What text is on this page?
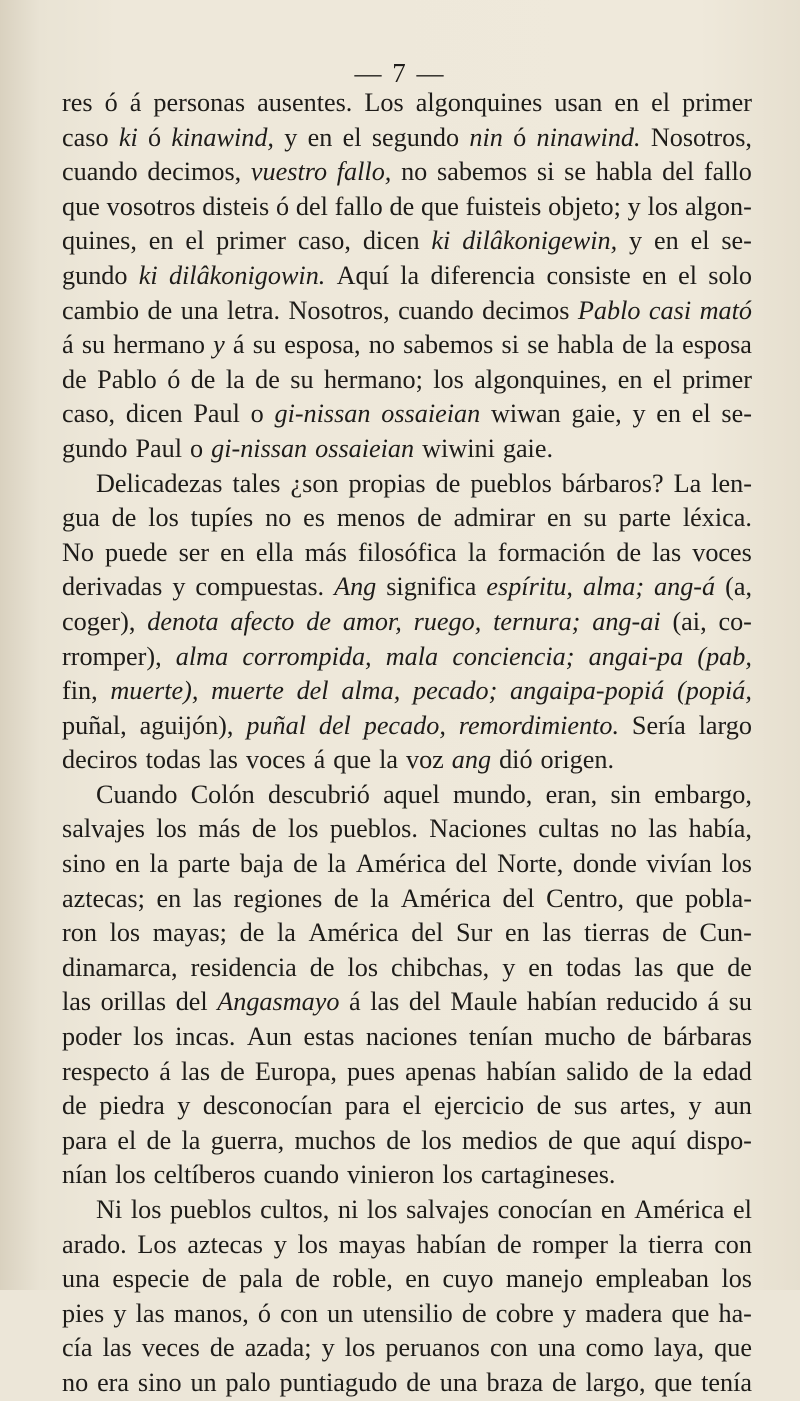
— 7 —
res ó á personas ausentes. Los algonquines usan en el primer
caso ki ó kinawind, y en el segundo nin ó ninawind. Nosotros,
cuando decimos, vuestro fallo, no sabemos si se habla del fallo
que vosotros disteis ó del fallo de que fuisteis objeto; y los algon-
quines, en el primer caso, dicen ki dilâkonigewin, y en el se-
gundo ki dilâkonigowin. Aquí la diferencia consiste en el solo
cambio de una letra. Nosotros, cuando decimos Pablo casi mató
á su hermano y á su esposa, no sabemos si se habla de la esposa
de Pablo ó de la de su hermano; los algonquines, en el primer
caso, dicen Paul o gi-nissan ossaieian wiwan gaie, y en el se-
gundo Paul o gi-nissan ossaieian wiwini gaie.
Delicadezas tales ¿son propias de pueblos bárbaros? La len-
gua de los tupíes no es menos de admirar en su parte léxica.
No puede ser en ella más filosófica la formación de las voces
derivadas y compuestas. Ang significa espíritu, alma; ang-á (a,
coger), denota afecto de amor, ruego, ternura; ang-ai (ai, co-
rromper), alma corrompida, mala conciencia; angai-pa (pab,
fin, muerte), muerte del alma, pecado; angaipa-popiá (popiá,
puñal, aguijón), puñal del pecado, remordimiento. Sería largo
deciros todas las voces á que la voz ang dió origen.
Cuando Colón descubrió aquel mundo, eran, sin embargo,
salvajes los más de los pueblos. Naciones cultas no las había,
sino en la parte baja de la América del Norte, donde vivían los
aztecas; en las regiones de la América del Centro, que pobla-
ron los mayas; de la América del Sur en las tierras de Cun-
dinamarca, residencia de los chibchas, y en todas las que de
las orillas del Angasmayo á las del Maule habían reducido á su
poder los incas. Aun estas naciones tenían mucho de bárbaras
respecto á las de Europa, pues apenas habían salido de la edad
de piedra y desconocían para el ejercicio de sus artes, y aun
para el de la guerra, muchos de los medios de que aquí dispo-
nían los celtíberos cuando vinieron los cartagineses.
Ni los pueblos cultos, ni los salvajes conocían en América el
arado. Los aztecas y los mayas habían de romper la tierra con
una especie de pala de roble, en cuyo manejo empleaban los
pies y las manos, ó con un utensilio de cobre y madera que ha-
cía las veces de azada; y los peruanos con una como laya, que
no era sino un palo puntiagudo de una braza de largo, que tenía
